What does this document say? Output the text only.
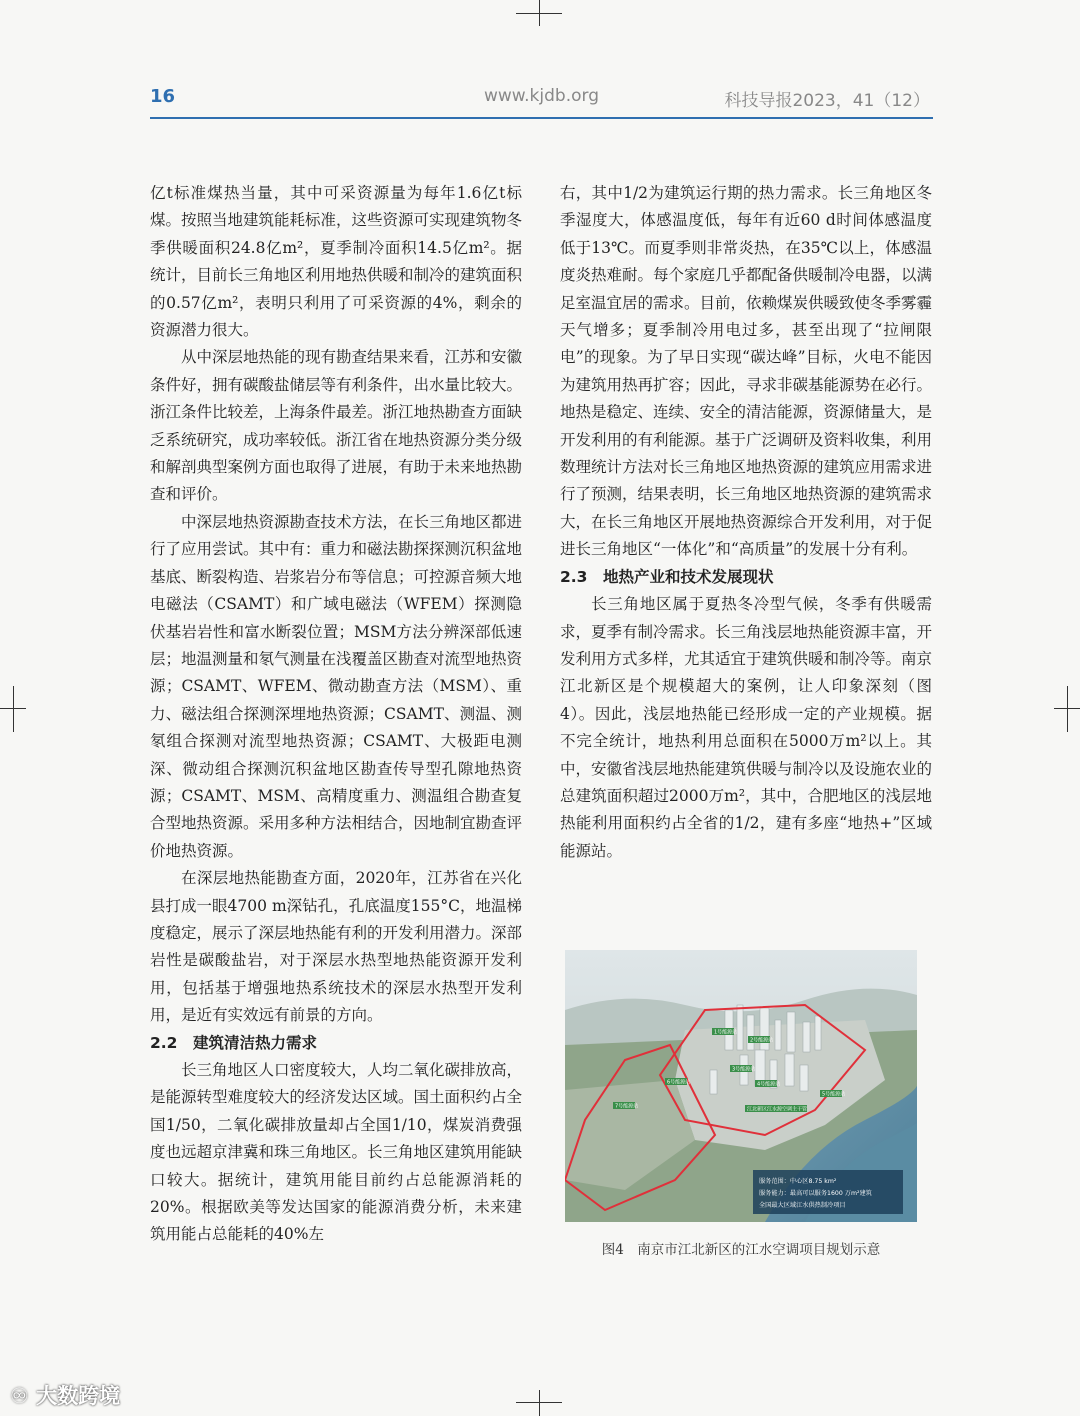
16	www.kjdb.org	科技导报2023，41（12）

亿t标准煤热当量，其中可采资源量为每年1.6亿t标煤。按照当地建筑能耗标准，这些资源可实现建筑物冬季供暖面积24.8亿m²，夏季制冷面积14.5亿m²。据统计，目前长三角地区利用地热供暖和制冷的建筑面积的0.57亿m²，表明只利用了可采资源的4%，剩余的资源潜力很大。

从中深层地热能的现有勘查结果来看，江苏和安徽条件好，拥有碳酸盐储层等有利条件，出水量比较大。浙江条件比较差，上海条件最差。浙江地热勘查方面缺乏系统研究，成功率较低。浙江省在地热资源分类分级和解剖典型案例方面也取得了进展，有助于未来地热勘查和评价。

中深层地热资源勘查技术方法，在长三角地区都进行了应用尝试。其中有：重力和磁法勘探探测沉积盆地基底、断裂构造、岩浆岩分布等信息；可控源音频大地电磁法（CSAMT）和广域电磁法（WFEM）探测隐伏基岩岩性和富水断裂位置；MSM方法分辨深部低速层；地温测量和氡气测量在浅覆盖区勘查对流型地热资源；CSAMT、WFEM、微动勘查方法（MSM）、重力、磁法组合探测深埋地热资源；CSAMT、测温、测氡组合探测对流型地热资源；CSAMT、大极距电测深、微动组合探测沉积盆地区勘查传导型孔隙地热资源；CSAMT、MSM、高精度重力、测温组合勘查复合型地热资源。采用多种方法相结合，因地制宜勘查评价地热资源。

在深层地热能勘查方面，2020年，江苏省在兴化县打成一眼4700 m深钻孔，孔底温度155°C，地温梯度稳定，展示了深层地热能有利的开发利用潜力。深部岩性是碳酸盐岩，对于深层水热型地热能资源开发利用，包括基于增强地热系统技术的深层水热型开发利用，是近有实效远有前景的方向。

2.2　建筑清洁热力需求

长三角地区人口密度较大，人均二氧化碳排放高，是能源转型难度较大的经济发达区域。国土面积约占全国1/50，二氧化碳排放量却占全国1/10，煤炭消费强度也远超京津冀和珠三角地区。长三角地区建筑用能缺口较大。据统计，建筑用能目前约占总能源消耗的20%。根据欧美等发达国家的能源消费分析，未来建筑用能占总能耗的40%左

右，其中1/2为建筑运行期的热力需求。长三角地区冬季湿度大，体感温度低，每年有近60 d时间体感温度低于13℃。而夏季则非常炎热，在35℃以上，体感温度炎热难耐。每个家庭几乎都配备供暖制冷电器，以满足室温宜居的需求。目前，依赖煤炭供暖致使冬季雾霾天气增多；夏季制冷用电过多，甚至出现了“拉闸限电”的现象。为了早日实现“碳达峰”目标，火电不能因为建筑用热再扩容；因此，寻求非碳基能源势在必行。地热是稳定、连续、安全的清洁能源，资源储量大，是开发利用的有利能源。基于广泛调研及资料收集，利用数理统计方法对长三角地区地热资源的建筑应用需求进行了预测，结果表明，长三角地区地热资源的建筑需求大，在长三角地区开展地热资源综合开发利用，对于促进长三角地区“一体化”和“高质量”的发展十分有利。

2.3　地热产业和技术发展现状

长三角地区属于夏热冬冷型气候，冬季有供暖需求，夏季有制冷需求。长三角浅层地热能资源丰富，开发利用方式多样，尤其适宜于建筑供暖和制冷等。南京江北新区是个规模超大的案例，让人印象深刻（图4）。因此，浅层地热能已经形成一定的产业规模。据不完全统计，地热利用总面积在5000万m²以上。其中，安徽省浅层地热能建筑供暖与制冷以及设施农业的总建筑面积超过2000万m²，其中，合肥地区的浅层地热能利用面积约占全省的1/2，建有多座“地热+”区域能源站。

1号能源站
2号能源站
3号能源站
4号能源站
5号能源站
6号能源站
7号能源站	江北新区江水源空调主干管
服务范围：中心区8.75 km²
服务能力：最高可以服务1600 万m²建筑
全国最大区域江水供热制冷项目
图4　南京市江北新区的江水空调项目规划示意
♾ 大数跨境
